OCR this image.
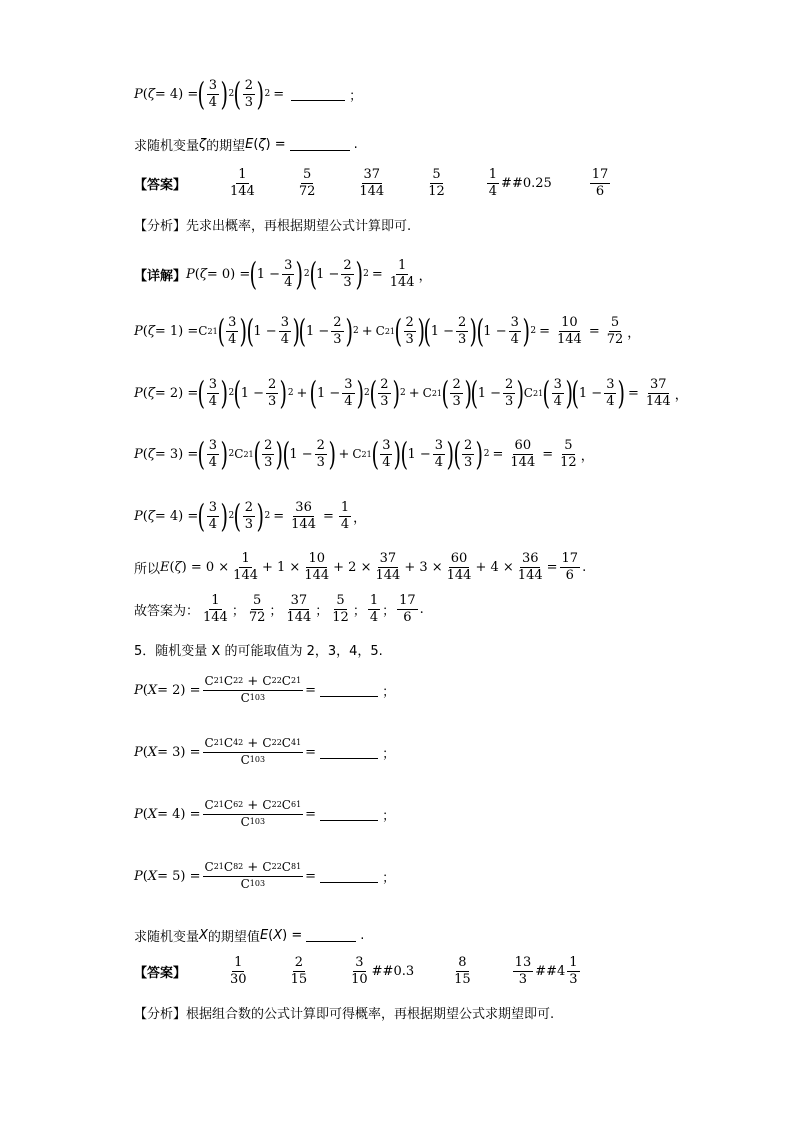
P ( ζ = 4) = ( $\frac{3}{4}$ ) 2 ( $\frac{2}{3}$ ) 2 =	；
求随机变量 ζ 的期望 E ( ζ ) =	.
【答案】	$\frac{1}{144}$	$\frac{5}{72}$	$\frac{37}{144}$	$\frac{5}{12}$	$\frac{1}{4}$ ##0.25	$\frac{17}{6}$
【分析】先求出概率，再根据期望公式计算即可.
【详解】 P ( ζ = 0) = ( $1 - \frac{3}{4}$ ) 2 ( $1 - \frac{2}{3}$ ) $2 = \frac{1}{144}$ ，
P ( ζ = 1) = C 2 1 ( $\frac{3}{4}$ )
( $1 - \frac{3}{4}$ )
( $1 - \frac{2}{3}$ ) 2 + C 2 1 ( $\frac{2}{3}$ )
( $1 - \frac{2}{3}$ )
( $1 - \frac{3}{4}$ ) $2 = \frac{10}{144} = \frac{5}{72}$ ，
P ( ζ = 2) = ( $\frac{3}{4}$ ) 2 ( $1 - \frac{2}{3}$ ) 2 + ( $1 - \frac{3}{4}$ ) 2 ( $\frac{2}{3}$ ) 2 + C 2 1 ( $\frac{2}{3}$ )
( $1 - \frac{2}{3}$ ) C 2 1 ( $\frac{3}{4}$ )
( $1 - \frac{3}{4}$ ) = $\frac{37}{144}$ ，
P ( ζ = 3) = ( $\frac{3}{4}$ ) 2 C 2 1 ( $\frac{2}{3}$ )
( $1 - \frac{2}{3}$ ) + C 2 1 ( $\frac{3}{4}$ )
( $1 - \frac{3}{4}$ )
( $\frac{2}{3}$ ) $2 = \frac{60}{144} = \frac{5}{12}$ ，
P ( ζ = 4) = ( $\frac{3}{4}$ ) 2 ( $\frac{2}{3}$ ) $2 = \frac{36}{144} = \frac{1}{4}$ ，
所以 E ( ζ ) = $0 \times \frac{1}{144} + 1 \times \frac{10}{144} + 2 \times \frac{37}{144} + 3 \times \frac{60}{144} + 4 \times \frac{36}{144} = \frac{17}{6}$ .
故答案为： $\frac{1}{144}$ ； $\frac{5}{72}$ ； $\frac{37}{144}$ ； $\frac{5}{12}$ ； $\frac{1}{4}$ ； $\frac{17}{6}$ .
5．随机变量 X 的可能取值为 2，3，4，5.
P ( $X = 2) = \frac{C 2 1 C 2 2 + C 2 2 C 2 1}{C 10 3}$ =	；
P ( $X = 3) = \frac{C 2 1 C 4 2 + C 2 2 C 4 1}{C 10 3}$ =	；
P ( $X = 4) = \frac{C 2 1 C 6 2 + C 2 2 C 6 1}{C 10 3}$ =	；
P ( $X = 5) = \frac{C 2 1 C 8 2 + C 2 2 C 8 1}{C 10 3}$ =	；
求随机变量 X 的期望值 E ( X ) =	.
【答案】	$\frac{1}{30}$	$\frac{2}{15}$	$\frac{3}{10}$ ##0.3	$\frac{8}{15}$	$\frac{13}{3}$ ##4 $\frac{1}{3}$
【分析】根据组合数的公式计算即可得概率，再根据期望公式求期望即可.
